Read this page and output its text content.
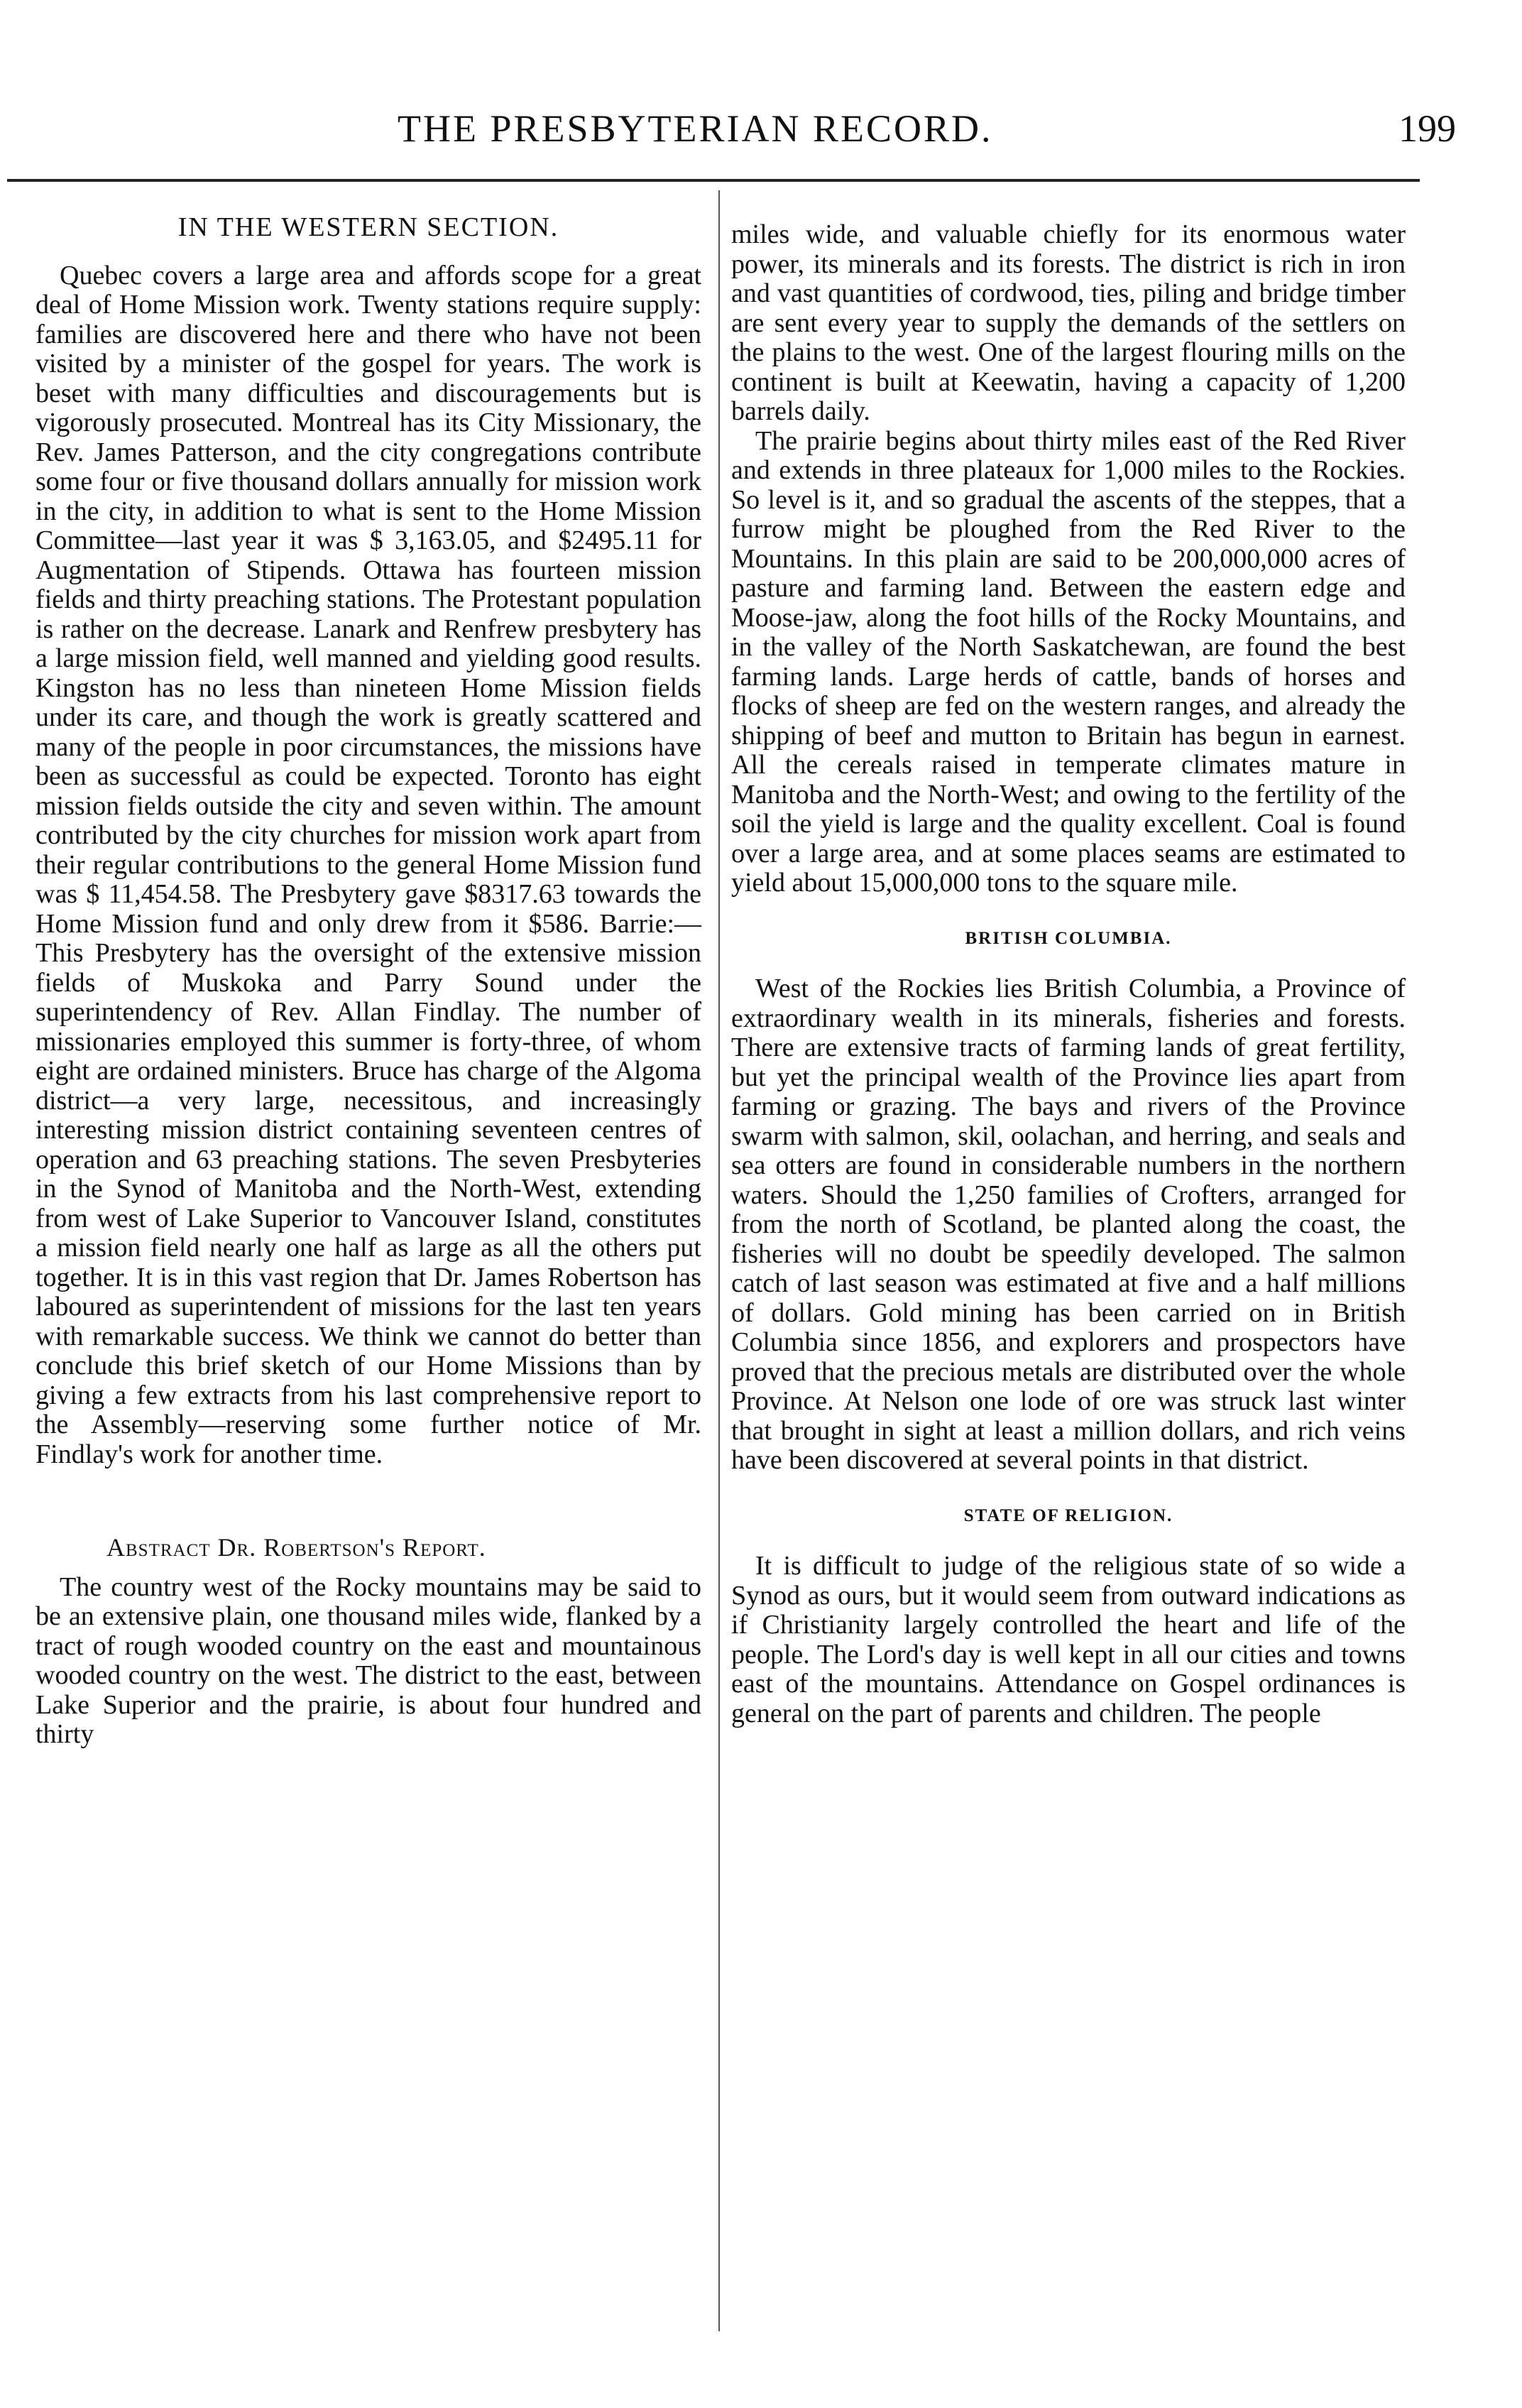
THE PRESBYTERIAN RECORD.	199
IN THE WESTERN SECTION.

Quebec covers a large area and affords scope for a great deal of Home Mission work. Twenty stations require supply: families are discovered here and there who have not been visited by a minister of the gospel for years. The work is beset with many difficulties and discouragements but is vigorously prosecuted. Montreal has its City Missionary, the Rev. James Patterson, and the city congregations contribute some four or five thousand dollars annually for mission work in the city, in addition to what is sent to the Home Mission Committee—last year it was $ 3,163.05, and $2495.11 for Augmentation of Stipends. Ottawa has fourteen mission fields and thirty preaching stations. The Protestant population is rather on the decrease. Lanark and Renfrew presbytery has a large mission field, well manned and yielding good results. Kingston has no less than nineteen Home Mission fields under its care, and though the work is greatly scattered and many of the people in poor circumstances, the missions have been as successful as could be expected. Toronto has eight mission fields outside the city and seven within. The amount contributed by the city churches for mission work apart from their regular contributions to the general Home Mission fund was $ 11,454.58. The Presbytery gave $8317.63 towards the Home Mission fund and only drew from it $586. Barrie:—This Presbytery has the oversight of the extensive mission fields of Muskoka and Parry Sound under the superintendency of Rev. Allan Findlay. The number of missionaries employed this summer is forty-three, of whom eight are ordained ministers. Bruce has charge of the Algoma district—a very large, necessitous, and increasingly interesting mission district containing seventeen centres of operation and 63 preaching stations. The seven Presbyteries in the Synod of Manitoba and the North-West, extending from west of Lake Superior to Vancouver Island, constitutes a mission field nearly one half as large as all the others put together. It is in this vast region that Dr. James Robertson has laboured as superintendent of missions for the last ten years with remarkable success. We think we cannot do better than conclude this brief sketch of our Home Missions than by giving a few extracts from his last comprehensive report to the Assembly—reserving some further notice of Mr. Findlay's work for another time.

Abstract Dr. Robertson's Report.

The country west of the Rocky mountains may be said to be an extensive plain, one thousand miles wide, flanked by a tract of rough wooded country on the east and mountainous wooded country on the west. The district to the east, between Lake Superior and the prairie, is about four hundred and thirty

miles wide, and valuable chiefly for its enormous water power, its minerals and its forests. The district is rich in iron and vast quantities of cordwood, ties, piling and bridge timber are sent every year to supply the demands of the settlers on the plains to the west. One of the largest flouring mills on the continent is built at Keewatin, having a capacity of 1,200 barrels daily.

The prairie begins about thirty miles east of the Red River and extends in three plateaux for 1,000 miles to the Rockies. So level is it, and so gradual the ascents of the steppes, that a furrow might be ploughed from the Red River to the Mountains. In this plain are said to be 200,000,000 acres of pasture and farming land. Between the eastern edge and Moose-jaw, along the foot hills of the Rocky Mountains, and in the valley of the North Saskatchewan, are found the best farming lands. Large herds of cattle, bands of horses and flocks of sheep are fed on the western ranges, and already the shipping of beef and mutton to Britain has begun in earnest. All the cereals raised in temperate climates mature in Manitoba and the North-West; and owing to the fertility of the soil the yield is large and the quality excellent. Coal is found over a large area, and at some places seams are estimated to yield about 15,000,000 tons to the square mile.

BRITISH COLUMBIA.

West of the Rockies lies British Columbia, a Province of extraordinary wealth in its minerals, fisheries and forests. There are extensive tracts of farming lands of great fertility, but yet the principal wealth of the Province lies apart from farming or grazing. The bays and rivers of the Province swarm with salmon, skil, oolachan, and herring, and seals and sea otters are found in considerable numbers in the northern waters. Should the 1,250 families of Crofters, arranged for from the north of Scotland, be planted along the coast, the fisheries will no doubt be speedily developed. The salmon catch of last season was estimated at five and a half millions of dollars. Gold mining has been carried on in British Columbia since 1856, and explorers and prospectors have proved that the precious metals are distributed over the whole Province. At Nelson one lode of ore was struck last winter that brought in sight at least a million dollars, and rich veins have been discovered at several points in that district.

STATE OF RELIGION.

It is difficult to judge of the religious state of so wide a Synod as ours, but it would seem from outward indications as if Christianity largely controlled the heart and life of the people. The Lord's day is well kept in all our cities and towns east of the mountains. Attendance on Gospel ordinances is general on the part of parents and children. The people
